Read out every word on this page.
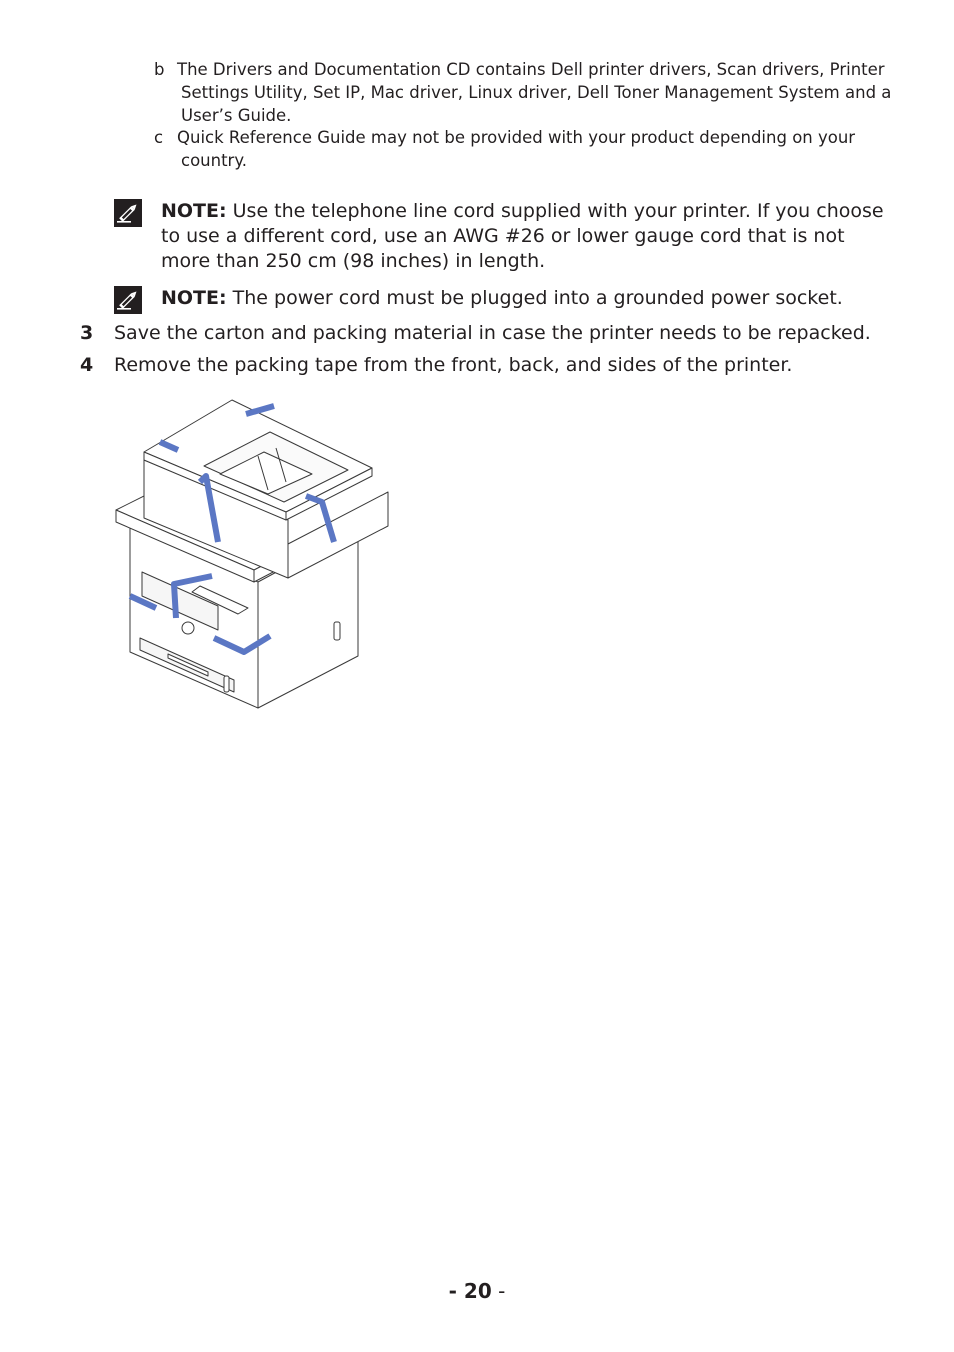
b The Drivers and Documentation CD contains Dell printer drivers, Scan drivers, Printer
Settings Utility, Set IP, Mac driver, Linux driver, Dell Toner Management System and a
User’s Guide.
c Quick Reference Guide may not be provided with your product depending on your
country.
NOTE: Use the telephone line cord supplied with your printer. If you choose to use a different cord, use an AWG #26 or lower gauge cord that is not more than 250 cm (98 inches) in length.
NOTE: The power cord must be plugged into a grounded power socket.
3 Save the carton and packing material in case the printer needs to be repacked.
4 Remove the packing tape from the front, back, and sides of the printer.
- 20 -
